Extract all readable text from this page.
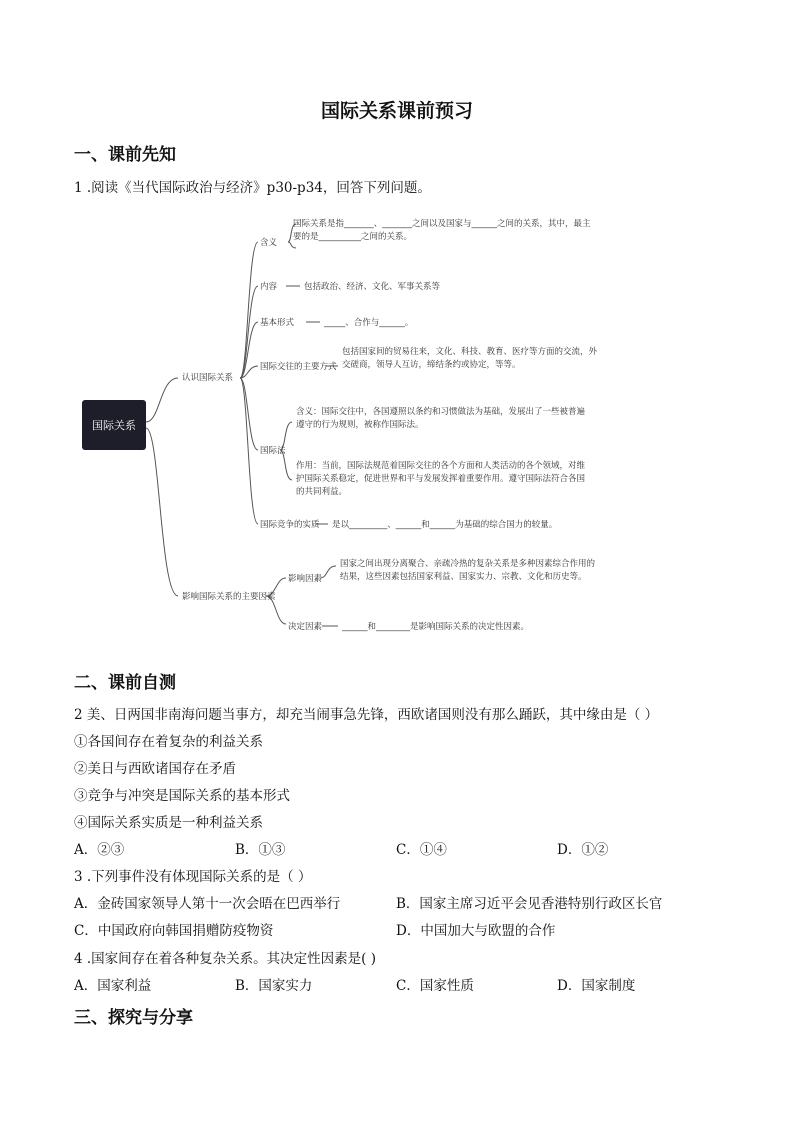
国际关系课前预习
一、课前先知
1 .阅读《当代国际政治与经济》p30-p34，回答下列问题。
国际关系
认识国际关系
影响国际关系的主要因素
含义
国际关系是指_______、_______之间以及国家与______之间的关系，其中，最主要的是__________之间的关系。
内容	包括政治、经济、文化、军事关系等
基本形式	_____、合作与______。
国际交往的主要方式
包括国家间的贸易往来，文化、科技、教育、医疗等方面的交流，外交磋商，领导人互访，缔结条约或协定，等等。
国际法
含义：国际交往中，各国遵照以条约和习惯做法为基础，发展出了一些被普遍遵守的行为规则，被称作国际法。
作用：当前，国际法规范着国际交往的各个方面和人类活动的各个领域，对维护国际关系稳定，促进世界和平与发展发挥着重要作用。遵守国际法符合各国的共同利益。
国际竞争的实质 是以_________、______和______为基础的综合国力的较量。
影响因素
国家之间出现分离聚合、亲疏冷热的复杂关系是多种因素综合作用的结果，这些因素包括国家利益、国家实力、宗教、文化和历史等。
决定因素 ______和________是影响国际关系的决定性因素。
二、课前自测
2 美、日两国非南海问题当事方，却充当闹事急先锋，西欧诸国则没有那么踊跃，其中缘由是（ ）
①各国间存在着复杂的利益关系
②美日与西欧诸国存在矛盾
③竞争与冲突是国际关系的基本形式
④国际关系实质是一种利益关系
A．②③	B．①③	C．①④	D．①②
3 .下列事件没有体现国际关系的是（ ）
A．金砖国家领导人第十一次会晤在巴西举行	B．国家主席习近平会见香港特别行政区长官
C．中国政府向韩国捐赠防疫物资	D．中国加大与欧盟的合作
4 .国家间存在着各种复杂关系。其决定性因素是( )
A．国家利益	B．国家实力	C．国家性质	D．国家制度
三、探究与分享
